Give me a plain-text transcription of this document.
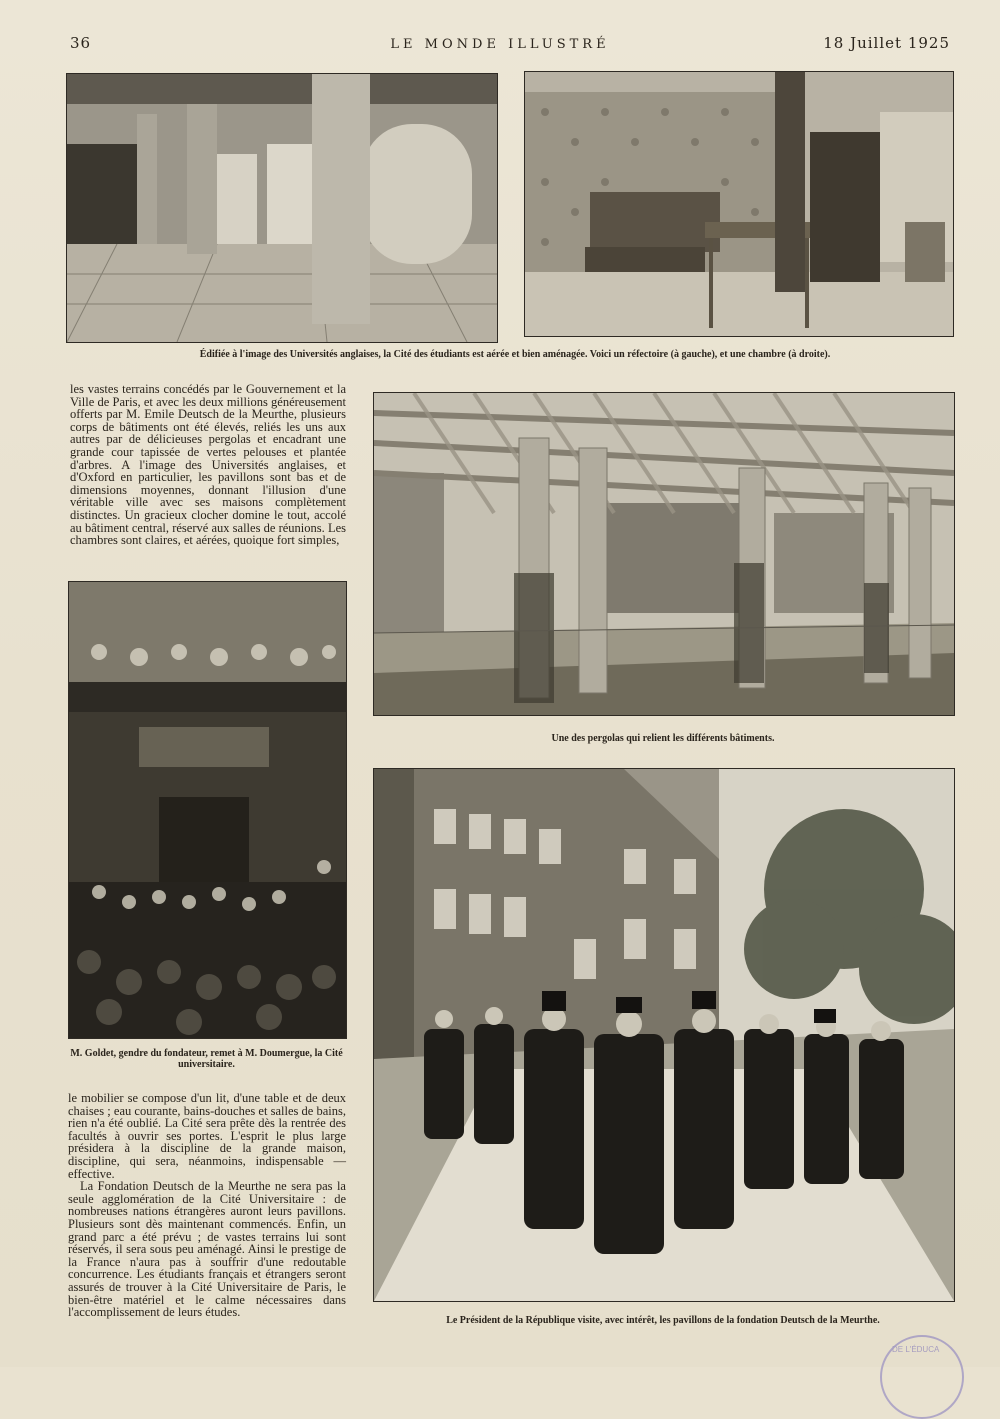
36	LE MONDE ILLUSTRÉ	18 Juillet 1925
Édifiée à l'image des Universités anglaises, la Cité des étudiants est aérée et bien aménagée. Voici un réfectoire (à gauche), et une chambre (à droite).

les vastes terrains concédés par le Gouvernement et la Ville de Paris, et avec les deux millions généreusement offerts par M. Emile Deutsch de la Meurthe, plusieurs corps de bâtiments ont été élevés, reliés les uns aux autres par de délicieuses pergolas et encadrant une grande cour tapissée de vertes pelouses et plantée d'arbres. A l'image des Universités anglaises, et d'Oxford en particulier, les pavillons sont bas et de dimensions moyennes, donnant l'illusion d'une véritable ville avec ses maisons complètement distinctes. Un gracieux clocher domine le tout, accolé au bâtiment central, réservé aux salles de réunions. Les chambres sont claires, et aérées, quoique fort simples,

Une des pergolas qui relient les différents bâtiments.
M. Goldet, gendre du fondateur, remet à M. Doumergue, la Cité universitaire.

le mobilier se compose d'un lit, d'une table et de deux chaises ; eau courante, bains-douches et salles de bains, rien n'a été oublié. La Cité sera prête dès la rentrée des facultés à ouvrir ses portes. L'esprit le plus large présidera à la discipline de la grande maison, discipline, qui sera, néanmoins, indispensable — effective.

La Fondation Deutsch de la Meurthe ne sera pas la seule agglomération de la Cité Universitaire : de nombreuses nations étrangères auront leurs pavillons. Plusieurs sont dès maintenant commencés. Enfin, un grand parc a été prévu ; de vastes terrains lui sont réservés, il sera sous peu aménagé. Ainsi le prestige de la France n'aura pas à souffrir d'une redoutable concurrence. Les étudiants français et étrangers seront assurés de trouver à la Cité Universitaire de Paris, le bien-être matériel et le calme nécessaires dans l'accomplissement de leurs études.

Le Président de la République visite, avec intérêt, les pavillons de la fondation Deutsch de la Meurthe.
DE L'ÉDUCA
